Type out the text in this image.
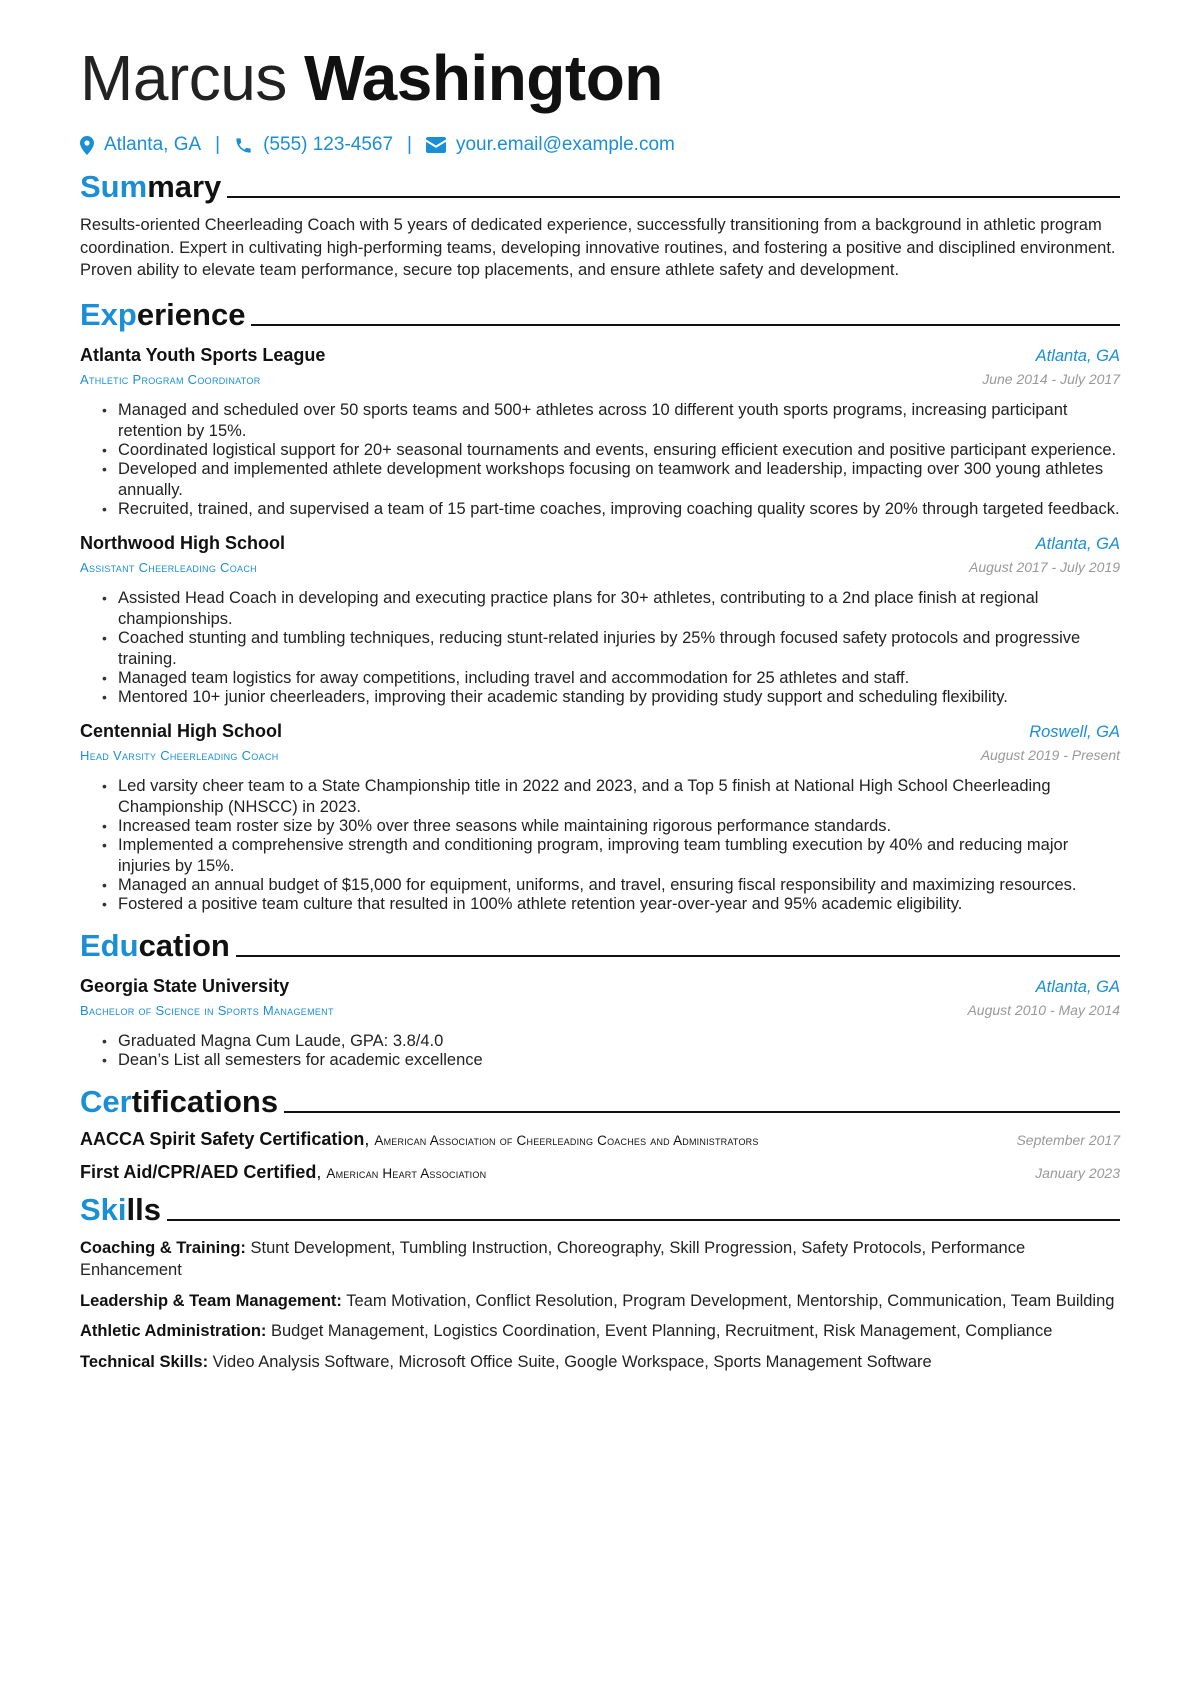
Marcus Washington
Atlanta, GA | (555) 123-4567 | your.email@example.com
Summary
Results-oriented Cheerleading Coach with 5 years of dedicated experience, successfully transitioning from a background in athletic program coordination. Expert in cultivating high-performing teams, developing innovative routines, and fostering a positive and disciplined environment. Proven ability to elevate team performance, secure top placements, and ensure athlete safety and development.
Experience
Atlanta Youth Sports League	Atlanta, GA
Athletic Program Coordinator	June 2014 - July 2017
• Managed and scheduled over 50 sports teams and 500+ athletes across 10 different youth sports programs, increasing participant retention by 15%.
• Coordinated logistical support for 20+ seasonal tournaments and events, ensuring efficient execution and positive participant experience.
• Developed and implemented athlete development workshops focusing on teamwork and leadership, impacting over 300 young athletes annually.
• Recruited, trained, and supervised a team of 15 part-time coaches, improving coaching quality scores by 20% through targeted feedback.
Northwood High School	Atlanta, GA
Assistant Cheerleading Coach	August 2017 - July 2019
• Assisted Head Coach in developing and executing practice plans for 30+ athletes, contributing to a 2nd place finish at regional championships.
• Coached stunting and tumbling techniques, reducing stunt-related injuries by 25% through focused safety protocols and progressive training.
• Managed team logistics for away competitions, including travel and accommodation for 25 athletes and staff.
• Mentored 10+ junior cheerleaders, improving their academic standing by providing study support and scheduling flexibility.
Centennial High School	Roswell, GA
Head Varsity Cheerleading Coach	August 2019 - Present
• Led varsity cheer team to a State Championship title in 2022 and 2023, and a Top 5 finish at National High School Cheerleading Championship (NHSCC) in 2023.
• Increased team roster size by 30% over three seasons while maintaining rigorous performance standards.
• Implemented a comprehensive strength and conditioning program, improving team tumbling execution by 40% and reducing major injuries by 15%.
• Managed an annual budget of $15,000 for equipment, uniforms, and travel, ensuring fiscal responsibility and maximizing resources.
• Fostered a positive team culture that resulted in 100% athlete retention year-over-year and 95% academic eligibility.
Education
Georgia State University	Atlanta, GA
Bachelor of Science in Sports Management	August 2010 - May 2014
• Graduated Magna Cum Laude, GPA: 3.8/4.0
• Dean’s List all semesters for academic excellence
Certifications
AACCA Spirit Safety Certification, American Association of Cheerleading Coaches and Administrators	September 2017
First Aid/CPR/AED Certified, American Heart Association	January 2023
Skills
Coaching & Training: Stunt Development, Tumbling Instruction, Choreography, Skill Progression, Safety Protocols, Performance Enhancement
Leadership & Team Management: Team Motivation, Conflict Resolution, Program Development, Mentorship, Communication, Team Building
Athletic Administration: Budget Management, Logistics Coordination, Event Planning, Recruitment, Risk Management, Compliance
Technical Skills: Video Analysis Software, Microsoft Office Suite, Google Workspace, Sports Management Software
